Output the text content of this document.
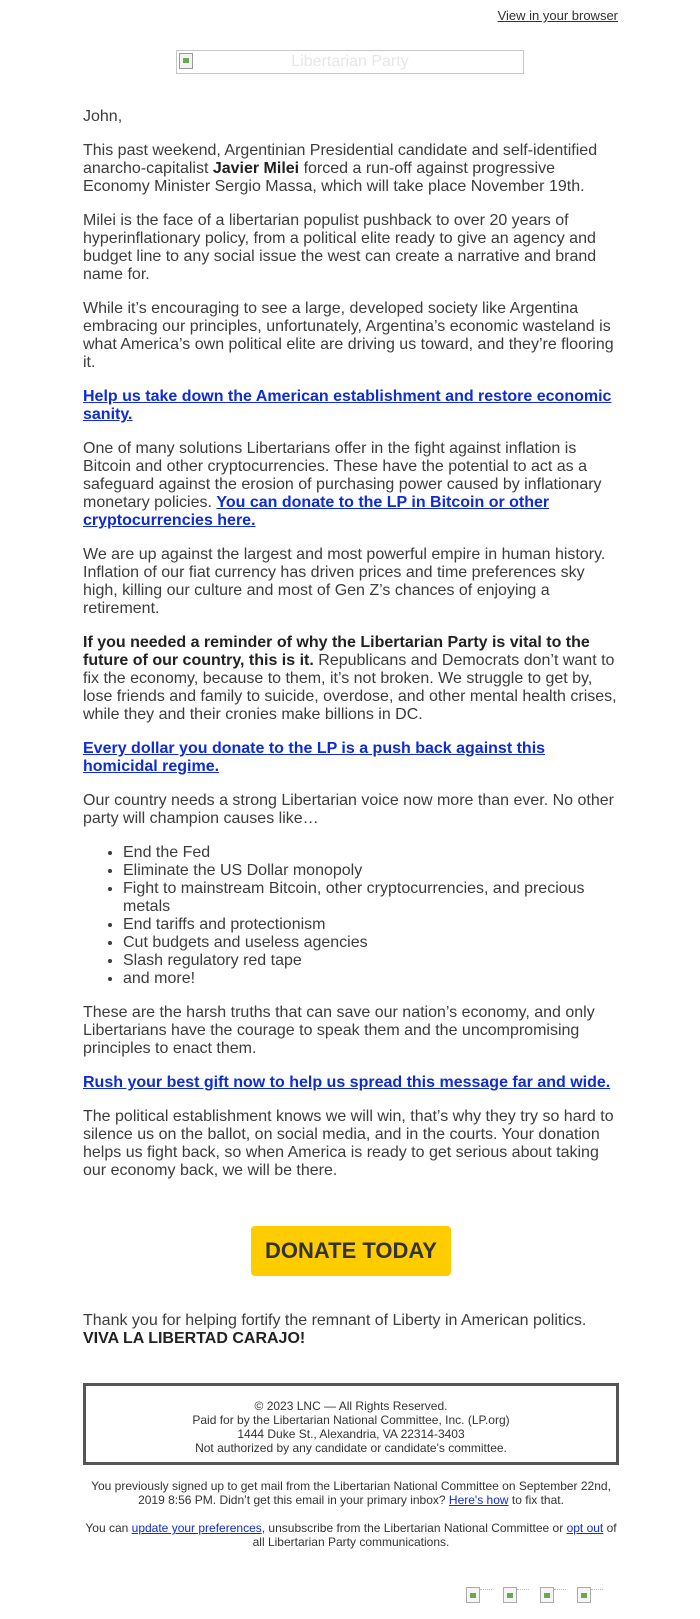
View in your browser
Libertarian Party

John,

This past weekend, Argentinian Presidential candidate and self-identified anarcho-capitalist Javier Milei forced a run-off against progressive Economy Minister Sergio Massa, which will take place November 19th.

Milei is the face of a libertarian populist pushback to over 20 years of hyperinflationary policy, from a political elite ready to give an agency and budget line to any social issue the west can create a narrative and brand name for.

While it’s encouraging to see a large, developed society like Argentina embracing our principles, unfortunately, Argentina’s economic wasteland is what America’s own political elite are driving us toward, and they’re flooring it.

Help us take down the American establishment and restore economic sanity.

One of many solutions Libertarians offer in the fight against inflation is Bitcoin and other cryptocurrencies. These have the potential to act as a safeguard against the erosion of purchasing power caused by inflationary monetary policies. You can donate to the LP in Bitcoin or other cryptocurrencies here.

We are up against the largest and most powerful empire in human history. Inflation of our fiat currency has driven prices and time preferences sky high, killing our culture and most of Gen Z’s chances of enjoying a retirement.

If you needed a reminder of why the Libertarian Party is vital to the future of our country, this is it. Republicans and Democrats don’t want to fix the economy, because to them, it’s not broken. We struggle to get by, lose friends and family to suicide, overdose, and other mental health crises, while they and their cronies make billions in DC.

Every dollar you donate to the LP is a push back against this homicidal regime.

Our country needs a strong Libertarian voice now more than ever. No other party will champion causes like…

• End the Fed
• Eliminate the US Dollar monopoly
• Fight to mainstream Bitcoin, other cryptocurrencies, and precious metals
• End tariffs and protectionism
• Cut budgets and useless agencies
• Slash regulatory red tape
• and more!

These are the harsh truths that can save our nation’s economy, and only Libertarians have the courage to speak them and the uncompromising principles to enact them.

Rush your best gift now to help us spread this message far and wide.

The political establishment knows we will win, that’s why they try so hard to silence us on the ballot, on social media, and in the courts. Your donation helps us fight back, so when America is ready to get serious about taking our economy back, we will be there.

DONATE TODAY
Thank you for helping fortify the remnant of Liberty in American politics.
VIVA LA LIBERTAD CARAJO!
© 2023 LNC — All Rights Reserved.
Paid for by the Libertarian National Committee, Inc. (LP.org)
1444 Duke St., Alexandria, VA 22314-3403
Not authorized by any candidate or candidate's committee.

You previously signed up to get mail from the Libertarian National Committee on September 22nd, 2019 8:56 PM. Didn’t get this email in your primary inbox? Here's how to fix that.

You can update your preferences, unsubscribe from the Libertarian National Committee or opt out of all Libertarian Party communications.
